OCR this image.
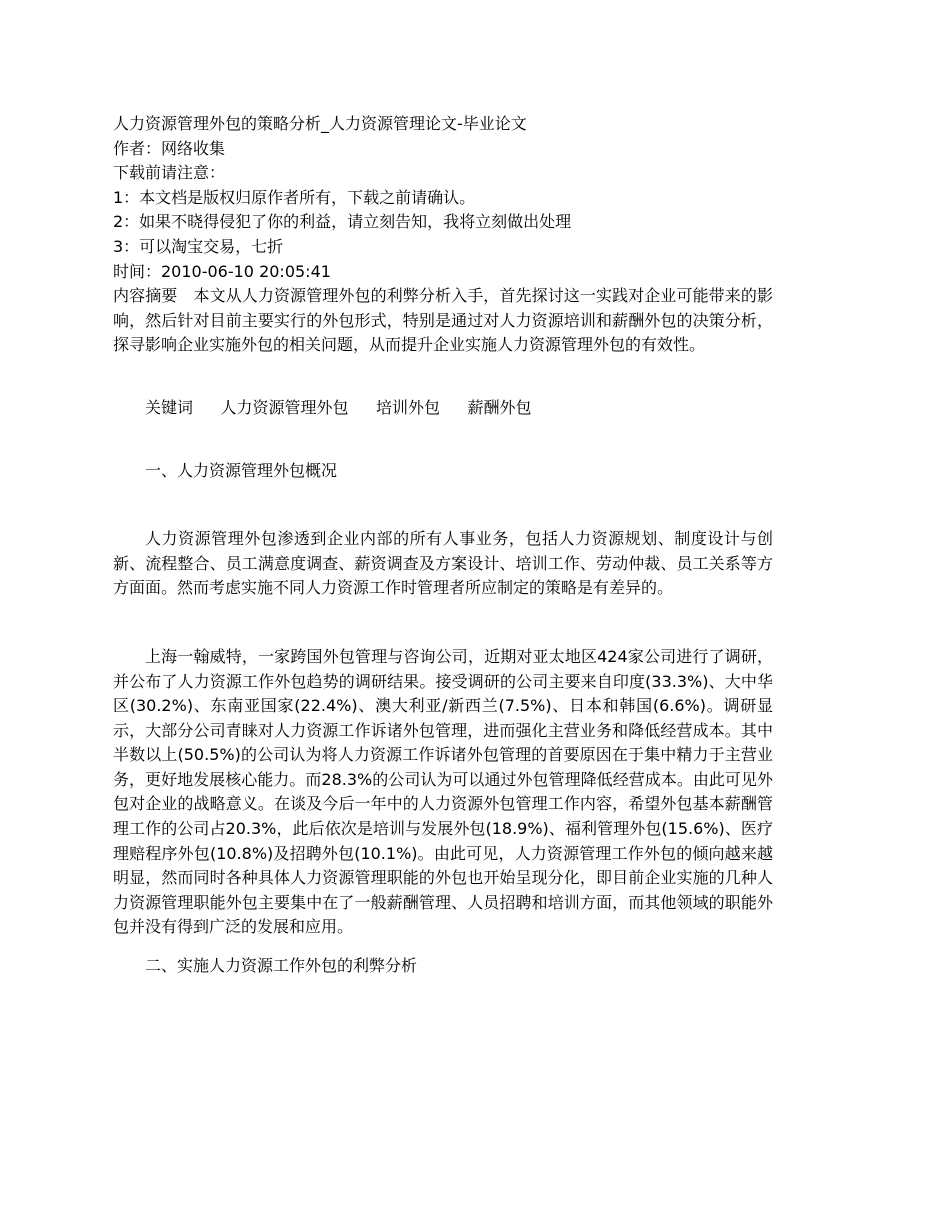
人力资源管理外包的策略分析_人力资源管理论文-毕业论文
作者：网络收集
下载前请注意：
1：本文档是版权归原作者所有，下载之前请确认。
2：如果不晓得侵犯了你的利益，请立刻告知，我将立刻做出处理
3：可以淘宝交易，七折
时间：2010-06-10 20:05:41

内容摘要　本文从人力资源管理外包的利弊分析入手，首先探讨这一实践对企业可能带来的影响，然后针对目前主要实行的外包形式，特别是通过对人力资源培训和薪酬外包的决策分析，探寻影响企业实施外包的相关问题，从而提升企业实施人力资源管理外包的有效性。

关键词 人力资源管理外包 培训外包 薪酬外包
一、人力资源管理外包概况

人力资源管理外包渗透到企业内部的所有人事业务，包括人力资源规划、制度设计与创新、流程整合、员工满意度调查、薪资调查及方案设计、培训工作、劳动仲裁、员工关系等方方面面。然而考虑实施不同人力资源工作时管理者所应制定的策略是有差异的。

上海一翰威特，一家跨国外包管理与咨询公司，近期对亚太地区424家公司进行了调研，并公布了人力资源工作外包趋势的调研结果。接受调研的公司主要来自印度(33.3%)、大中华区(30.2%)、东南亚国家(22.4%)、澳大利亚/新西兰(7.5%)、日本和韩国(6.6%)。调研显示，大部分公司青睐对人力资源工作诉诸外包管理，进而强化主营业务和降低经营成本。其中半数以上(50.5%)的公司认为将人力资源工作诉诸外包管理的首要原因在于集中精力于主营业务，更好地发展核心能力。而28.3%的公司认为可以通过外包管理降低经营成本。由此可见外包对企业的战略意义。在谈及今后一年中的人力资源外包管理工作内容，希望外包基本薪酬管理工作的公司占20.3%，此后依次是培训与发展外包(18.9%)、福利管理外包(15.6%)、医疗理赔程序外包(10.8%)及招聘外包(10.1%)。由此可见，人力资源管理工作外包的倾向越来越明显，然而同时各种具体人力资源管理职能的外包也开始呈现分化，即目前企业实施的几种人力资源管理职能外包主要集中在了一般薪酬管理、人员招聘和培训方面，而其他领域的职能外包并没有得到广泛的发展和应用。

二、实施人力资源工作外包的利弊分析
